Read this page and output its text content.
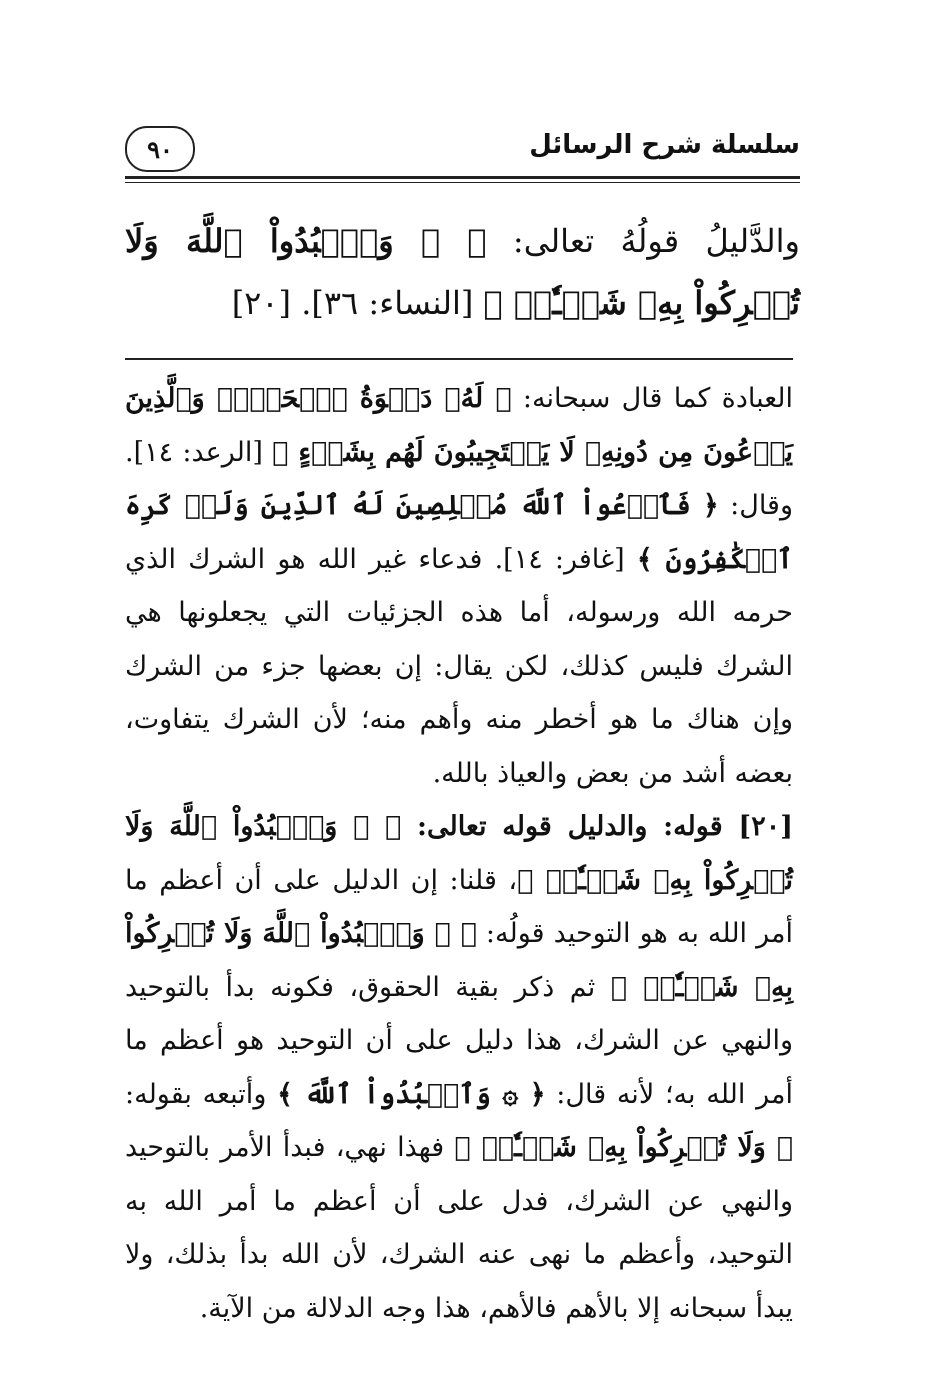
٩٠	سلسلة شرح الرسائل
والدَّليلُ قولُهُ تعالى: ﴿ ۞ وَٱعۡبُدُواْ ٱللَّهَ وَلَا تُشۡرِكُواْ بِهِۦ شَيۡـٔٗاۖ ﴾ [النساء: ٣٦]. [٢٠]

العبادة كما قال سبحانه: ﴿ لَهُۥ دَعۡوَةُ ٱلۡحَقِّۖ وَٱلَّذِينَ يَدۡعُونَ مِن دُونِهِۦ لَا يَسۡتَجِيبُونَ لَهُم بِشَيۡءٍ ﴾ [الرعد: ١٤]. وقال: ﴿ فَٱدۡعُواْ ٱللَّهَ مُخۡلِصِينَ لَهُ ٱلدِّينَ وَلَوۡ كَرِهَ ٱلۡكَٰفِرُونَ ﴾ [غافر: ١٤]. فدعاء غير الله هو الشرك الذي حرمه الله ورسوله، أما هذه الجزئيات التي يجعلونها هي الشرك فليس كذلك، لكن يقال: إن بعضها جزء من الشرك وإن هناك ما هو أخطر منه وأهم منه؛ لأن الشرك يتفاوت، بعضه أشد من بعض والعياذ بالله.

[٢٠] قوله: والدليل قوله تعالى: ﴿ ۞ وَٱعۡبُدُواْ ٱللَّهَ وَلَا تُشۡرِكُواْ بِهِۦ شَيۡـٔٗاۖ ﴾، قلنا: إن الدليل على أن أعظم ما أمر الله به هو التوحيد قولُه: ﴿ ۞ وَٱعۡبُدُواْ ٱللَّهَ وَلَا تُشۡرِكُواْ بِهِۦ شَيۡـٔٗاۖ ﴾ ثم ذكر بقية الحقوق، فكونه بدأ بالتوحيد والنهي عن الشرك، هذا دليل على أن التوحيد هو أعظم ما أمر الله به؛ لأنه قال: ﴿ ۞ وَٱعۡبُدُواْ ٱللَّهَ ﴾ وأتبعه بقوله: ﴿ وَلَا تُشۡرِكُواْ بِهِۦ شَيۡـٔٗاۖ ﴾ فهذا نهي، فبدأ الأمر بالتوحيد والنهي عن الشرك، فدل على أن أعظم ما أمر الله به التوحيد، وأعظم ما نهى عنه الشرك، لأن الله بدأ بذلك، ولا يبدأ سبحانه إلا بالأهم فالأهم، هذا وجه الدلالة من الآية.
